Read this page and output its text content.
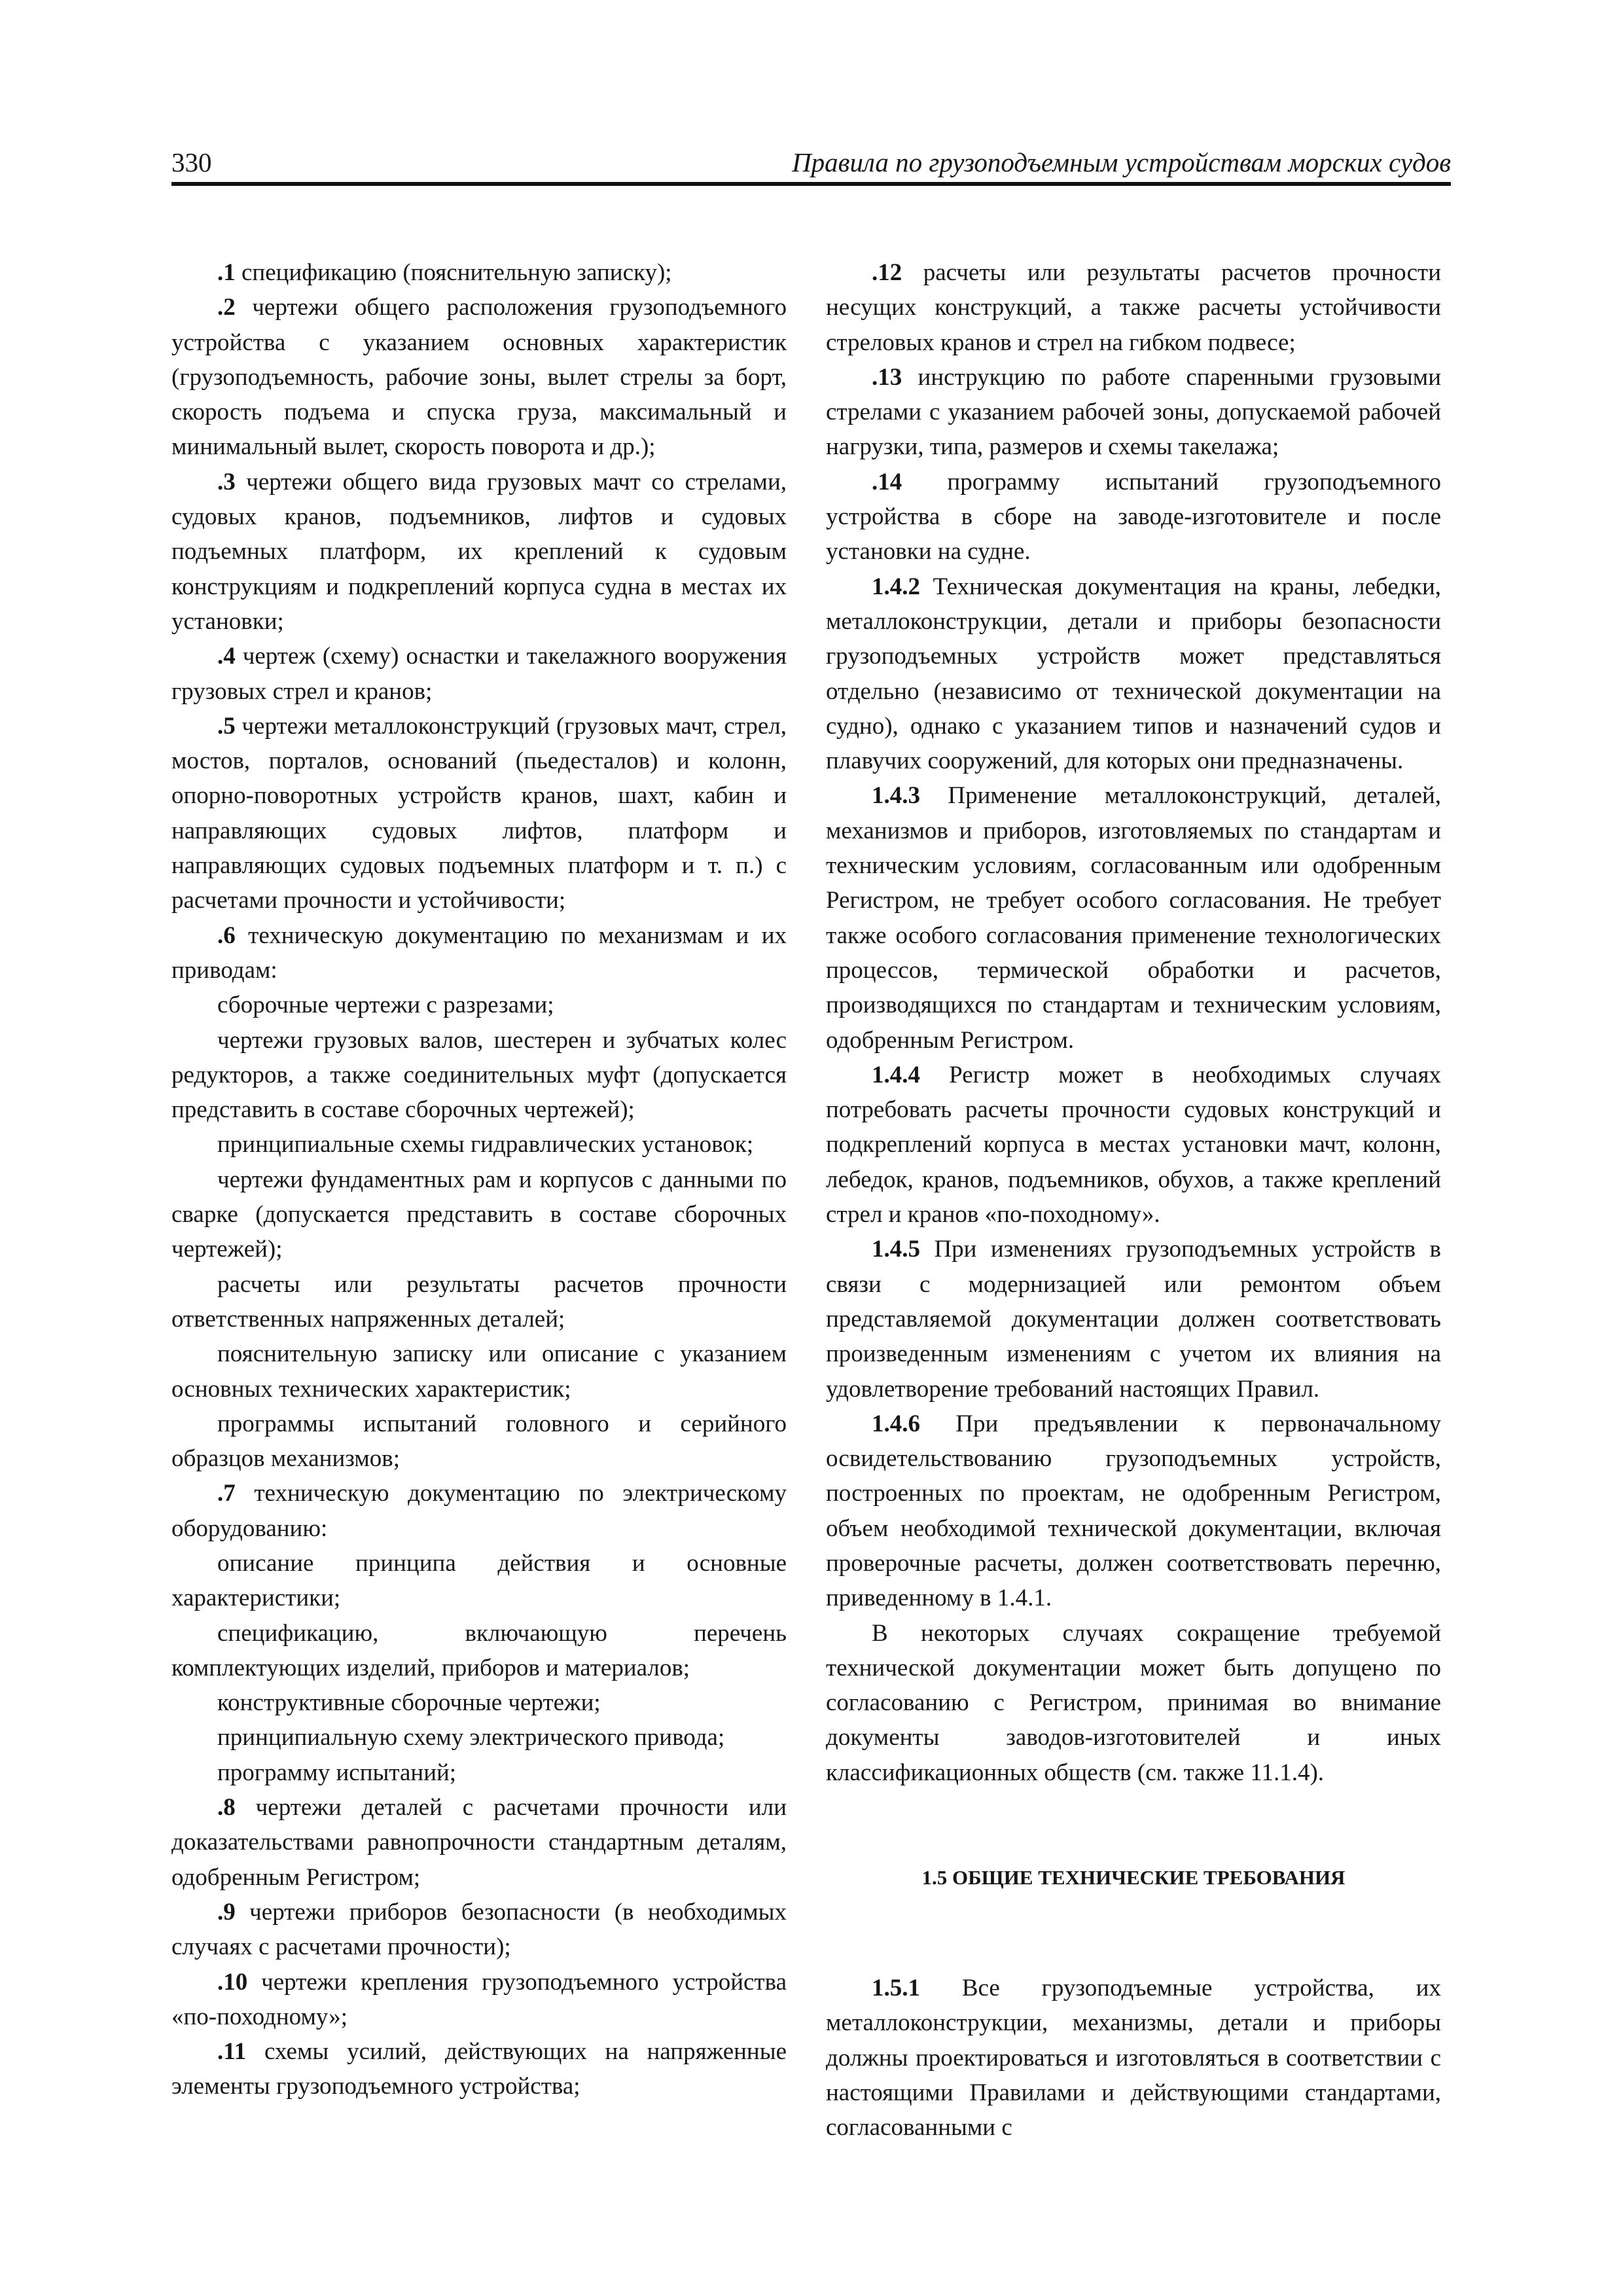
330	Правила по грузоподъемным устройствам морских судов

.1 спецификацию (пояснительную записку);

.2 чертежи общего расположения грузоподъемного устройства с указанием основных характеристик (грузоподъемность, рабочие зоны, вылет стрелы за борт, скорость подъема и спуска груза, максимальный и минимальный вылет, скорость поворота и др.);

.3 чертежи общего вида грузовых мачт со стрелами, судовых кранов, подъемников, лифтов и судовых подъемных платформ, их креплений к судовым конструкциям и подкреплений корпуса судна в местах их установки;

.4 чертеж (схему) оснастки и такелажного вооружения грузовых стрел и кранов;

.5 чертежи металлоконструкций (грузовых мачт, стрел, мостов, порталов, оснований (пьедесталов) и колонн, опорно-поворотных устройств кранов, шахт, кабин и направляющих судовых лифтов, платформ и направляющих судовых подъемных платформ и т. п.) с расчетами прочности и устойчивости;

.6 техническую документацию по механизмам и их приводам:

сборочные чертежи с разрезами;

чертежи грузовых валов, шестерен и зубчатых колес редукторов, а также соединительных муфт (допускается представить в составе сборочных чертежей);

принципиальные схемы гидравлических установок;

чертежи фундаментных рам и корпусов с данными по сварке (допускается представить в составе сборочных чертежей);

расчеты или результаты расчетов прочности ответственных напряженных деталей;

пояснительную записку или описание с указанием основных технических характеристик;

программы испытаний головного и серийного образцов механизмов;

.7 техническую документацию по электрическому оборудованию:

описание принципа действия и основные характеристики;

спецификацию, включающую перечень комплектующих изделий, приборов и материалов;

конструктивные сборочные чертежи;

принципиальную схему электрического привода;

программу испытаний;

.8 чертежи деталей с расчетами прочности или доказательствами равнопрочности стандартным деталям, одобренным Регистром;

.9 чертежи приборов безопасности (в необходимых случаях с расчетами прочности);

.10 чертежи крепления грузоподъемного устройства «по-походному»;

.11 схемы усилий, действующих на напряженные элементы грузоподъемного устройства;

.12 расчеты или результаты расчетов прочности несущих конструкций, а также расчеты устойчивости стреловых кранов и стрел на гибком подвесе;

.13 инструкцию по работе спаренными грузовыми стрелами с указанием рабочей зоны, допускаемой рабочей нагрузки, типа, размеров и схемы такелажа;

.14 программу испытаний грузоподъемного устройства в сборе на заводе-изготовителе и после установки на судне.

1.4.2 Техническая документация на краны, лебедки, металлоконструкции, детали и приборы безопасности грузоподъемных устройств может представляться отдельно (независимо от технической документации на судно), однако с указанием типов и назначений судов и плавучих сооружений, для которых они предназначены.

1.4.3 Применение металлоконструкций, деталей, механизмов и приборов, изготовляемых по стандартам и техническим условиям, согласованным или одобренным Регистром, не требует особого согласования. Не требует также особого согласования применение технологических процессов, термической обработки и расчетов, производящихся по стандартам и техническим условиям, одобренным Регистром.

1.4.4 Регистр может в необходимых случаях потребовать расчеты прочности судовых конструкций и подкреплений корпуса в местах установки мачт, колонн, лебедок, кранов, подъемников, обухов, а также креплений стрел и кранов «по-походному».

1.4.5 При изменениях грузоподъемных устройств в связи с модернизацией или ремонтом объем представляемой документации должен соответствовать произведенным изменениям с учетом их влияния на удовлетворение требований настоящих Правил.

1.4.6 При предъявлении к первоначальному освидетельствованию грузоподъемных устройств, построенных по проектам, не одобренным Регистром, объем необходимой технической документации, включая проверочные расчеты, должен соответствовать перечню, приведенному в 1.4.1.

В некоторых случаях сокращение требуемой технической документации может быть допущено по согласованию с Регистром, принимая во внимание документы заводов-изготовителей и иных классификационных обществ (см. также 11.1.4).

1.5 ОБЩИЕ ТЕХНИЧЕСКИЕ ТРЕБОВАНИЯ

1.5.1 Все грузоподъемные устройства, их металлоконструкции, механизмы, детали и приборы должны проектироваться и изготовляться в соответствии с настоящими Правилами и действующими стандартами, согласованными с
